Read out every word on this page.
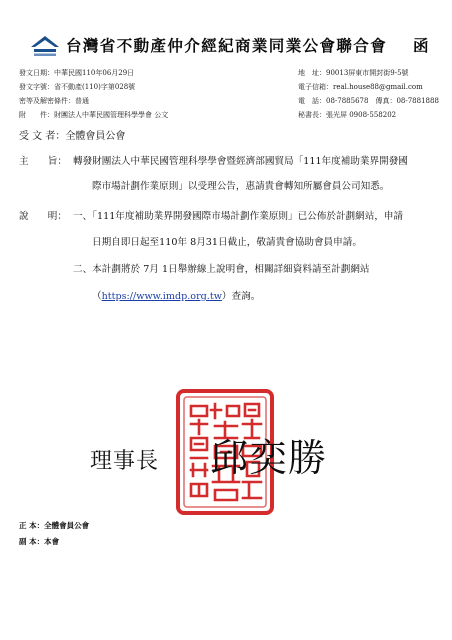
台灣省不動產仲介經紀商業同業公會聯合會 函
發文日期：中華民國110年06月29日
發文字號：省不動產(110)字第028號
密等及解密條件：普通
附　　件：財團法人中華民國管理科學學會 公文
地　址：90013屏東市開封街9-5號
電子信箱：real.house88@gmail.com
電　話：08-7885678　傳真：08-7881888
秘書長：張光屏 0908-558202
受 文 者：全體會員公會
主　　旨： 轉發財團法人中華民國管理科學學會暨經濟部國貿局「111年度補助業界開發國
際市場計劃作業原則」以受理公告，惠請貴會轉知所屬會員公司知悉。
說　　明： 一、「111年度補助業界開發國際市場計劃作業原則」已公佈於計劃網站，申請
日期自即日起至110年 8月31日截止，敬請貴會協助會員申請。
二、本計劃將於 7月 1日舉辦線上說明會，相關詳細資料請至計劃網站
（https://www.imdp.org.tw）查詢。
理事長 邱奕勝
正 本：全體會員公會
副 本：本會
